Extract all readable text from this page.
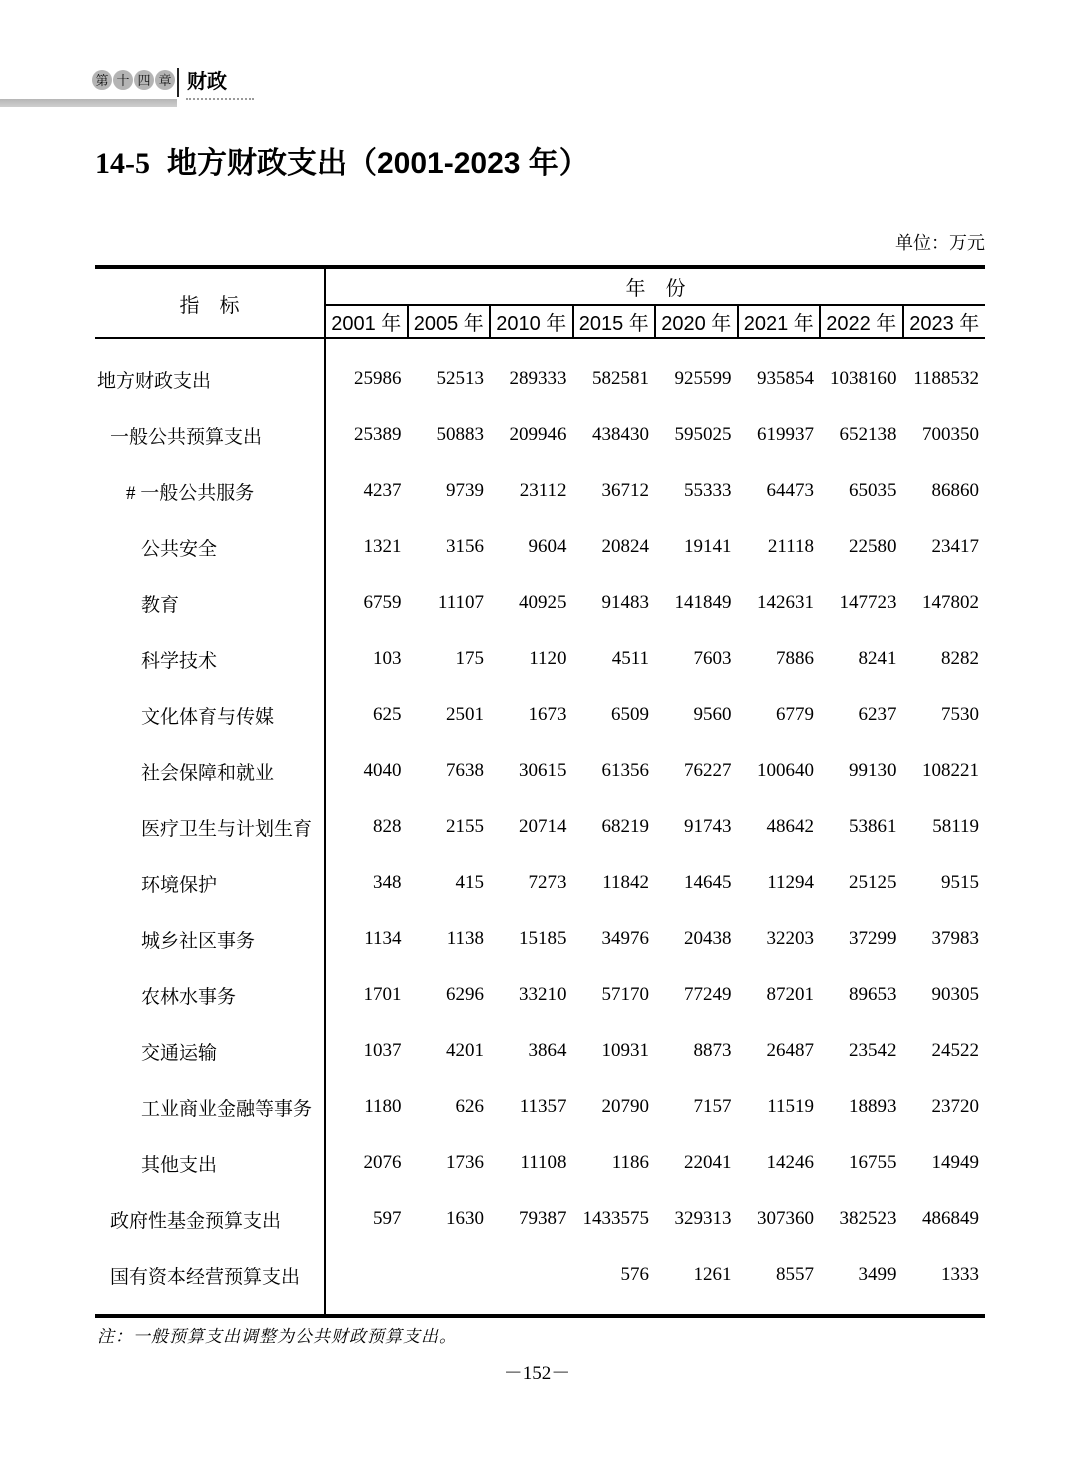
第 十 四 章 财政
14-5 地方财政支出（2001-2023 年）
单位：万元
指　标	年　份							
	2001 年	2005 年	2010 年	2015 年	2020 年	2021 年	2022 年	2023 年

地方财政支出	25986	52513	289333	582581	925599	935854	1038160	1188532
一般公共预算支出	25389	50883	209946	438430	595025	619937	652138	700350
# 一般公共服务	4237	9739	23112	36712	55333	64473	65035	86860
公共安全	1321	3156	9604	20824	19141	21118	22580	23417
教育	6759	11107	40925	91483	141849	142631	147723	147802
科学技术	103	175	1120	4511	7603	7886	8241	8282
文化体育与传媒	625	2501	1673	6509	9560	6779	6237	7530
社会保障和就业	4040	7638	30615	61356	76227	100640	99130	108221
医疗卫生与计划生育	828	2155	20714	68219	91743	48642	53861	58119
环境保护	348	415	7273	11842	14645	11294	25125	9515
城乡社区事务	1134	1138	15185	34976	20438	32203	37299	37983
农林水事务	1701	6296	33210	57170	77249	87201	89653	90305
交通运输	1037	4201	3864	10931	8873	26487	23542	24522
工业商业金融等事务	1180	626	11357	20790	7157	11519	18893	23720
其他支出	2076	1736	11108	1186	22041	14246	16755	14949
政府性基金预算支出	597	1630	79387	1433575	329313	307360	382523	486849
国有资本经营预算支出				576	1261	8557	3499	1333

注：一般预算支出调整为公共财政预算支出。
－152－
